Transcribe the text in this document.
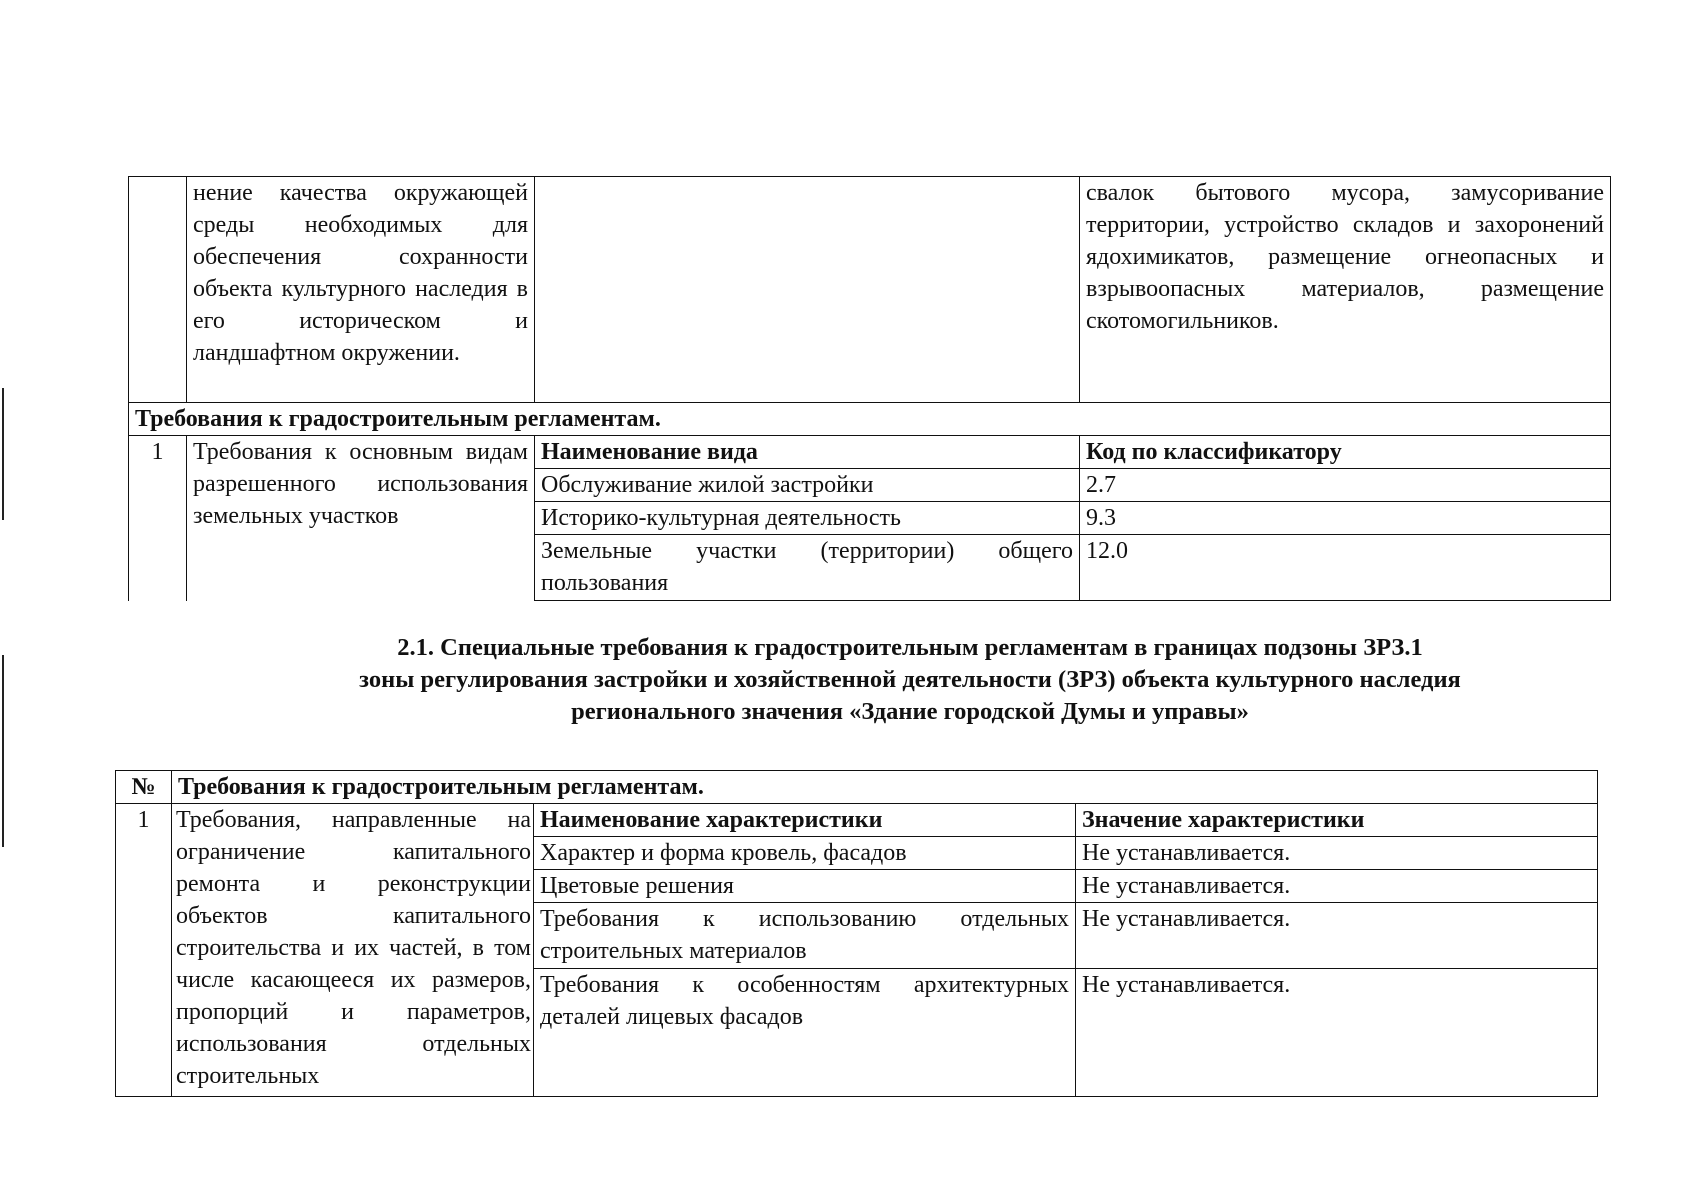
	нение качества окружающей среды необходимых для обеспечения сохранности объекта культурного наследия в его историческом и ландшафтном окружении.		свалок бытового мусора, замусоривание территории, устройство складов и захоронений ядохимикатов, размещение огнеопасных и взрывоопасных материалов, размещение скотомогильников.
Требования к градостроительным регламентам.			
1	Требования к основным видам разрешенного использования земельных участков	Наименование вида	Код по классификатору
		Обслуживание жилой застройки	2.7
		Историко-культурная деятельность	9.3
		Земельные участки (территории) общего пользования	12.0
2.1. Специальные требования к градостроительным регламентам в границах подзоны ЗРЗ.1
зоны регулирования застройки и хозяйственной деятельности (ЗРЗ) объекта культурного наследия
регионального значения «Здание городской Думы и управы»
№	Требования к градостроительным регламентам.		
1	Требования, направленные на ограничение капитального ремонта и реконструкции объектов капитального строительства и их частей, в том числе касающееся их размеров, пропорций и параметров, использования отдельных строительных	Наименование характеристики	Значение характеристики
		Характер и форма кровель, фасадов	Не устанавливается.
		Цветовые решения	Не устанавливается.
		Требования к использованию отдельных строительных материалов	Не устанавливается.
		Требования к особенностям архитектурных деталей лицевых фасадов	Не устанавливается.
